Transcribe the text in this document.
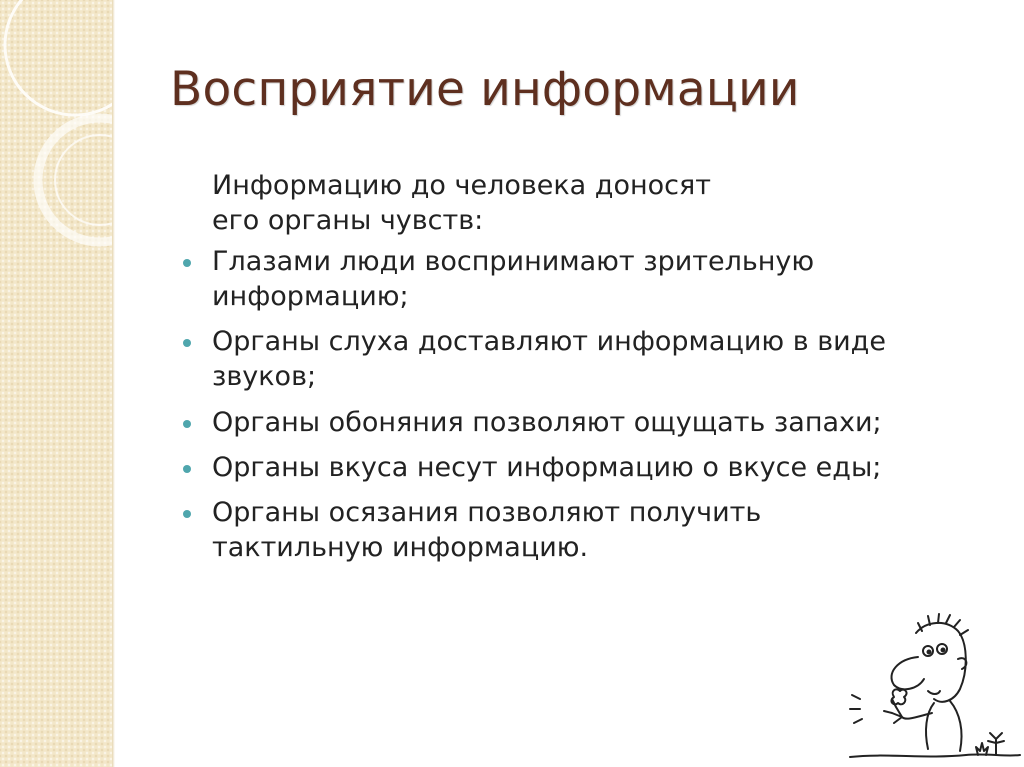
Восприятие информации

Информацию до человека доносят
его органы чувств:

Глазами люди воспринимают зрительную
информацию;
Органы слуха доставляют информацию в виде
звуков;
Органы обоняния позволяют ощущать запахи;
Органы вкуса несут информацию о вкусе еды;
Органы осязания позволяют получить
тактильную информацию.
